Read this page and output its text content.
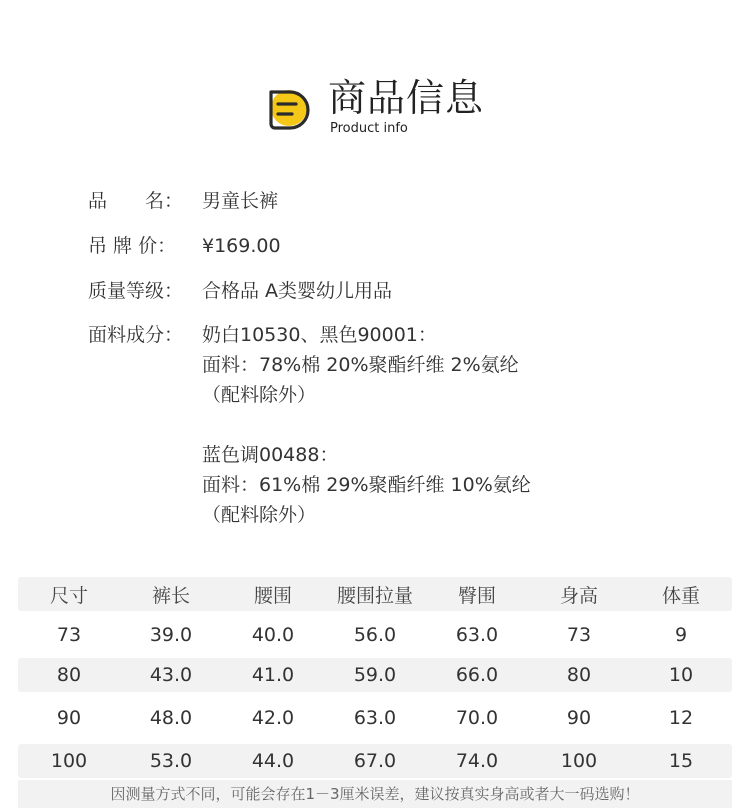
商品信息
Product info
品　　名： 男童长裤
吊 牌 价：	¥169.00
质量等级： 合格品 A类婴幼儿用品
面料成分： 奶白10530、黑色90001：
面料：78%棉 20%聚酯纤维 2%氨纶
（配料除外）
蓝色调00488：
面料：61%棉 29%聚酯纤维 10%氨纶
（配料除外）
尺寸	裤长	腰围	腰围拉量	臀围	身高	体重
73	39.0	40.0	56.0	63.0	73	9
80	43.0	41.0	59.0	66.0	80	10
90	48.0	42.0	63.0	70.0	90	12
100	53.0	44.0	67.0	74.0	100	15
因测量方式不同，可能会存在1－3厘米误差，建议按真实身高或者大一码选购！
